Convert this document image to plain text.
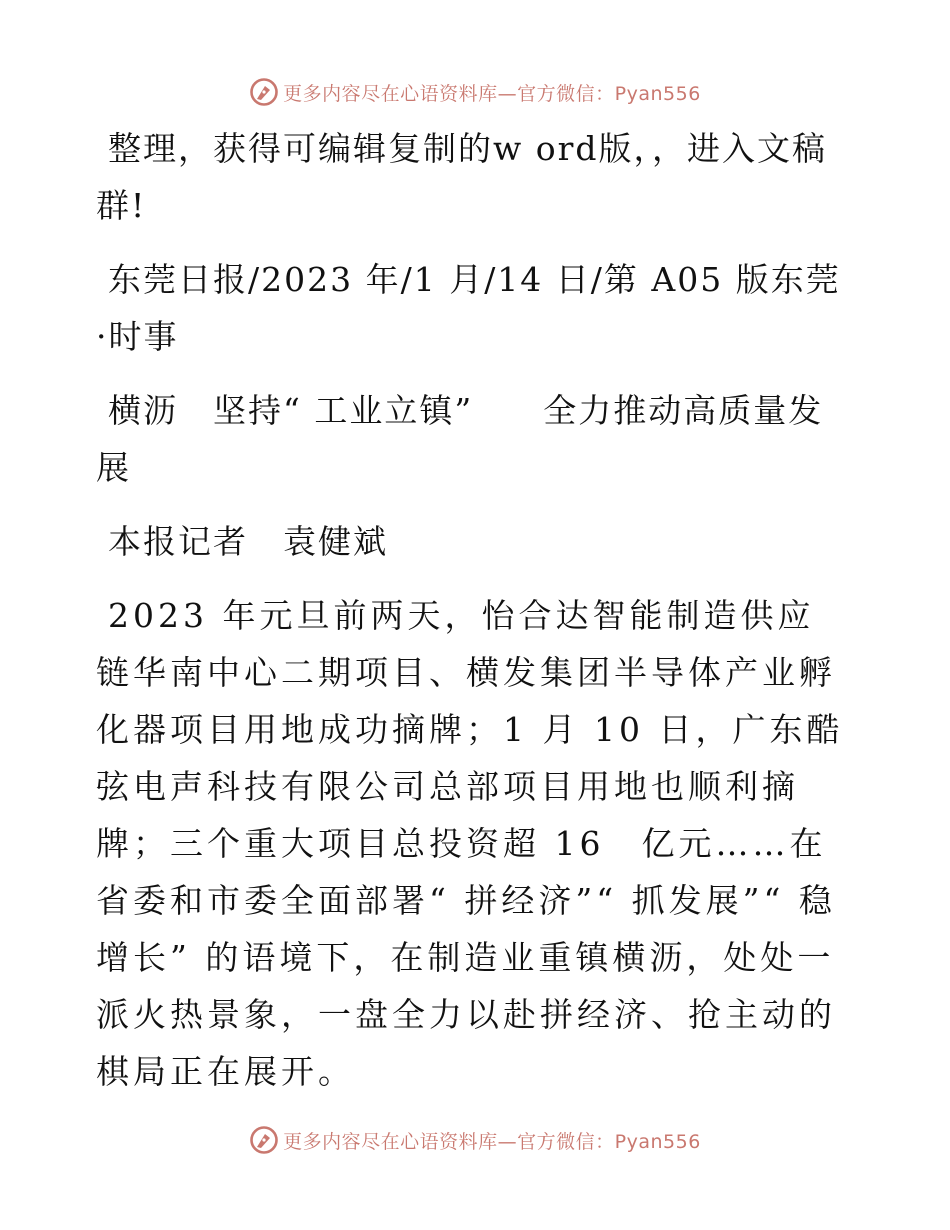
更多内容尽在心语资料库—官方微信：Pyan556

整理，获得可编辑复制的w ord版，，进入文稿群!

东莞日报/2023 年/1 月/14 日/第 A05 版东莞·时事

横沥　坚持“ 工业立镇”　　全力推动高质量发展

本报记者　袁健斌

2023 年元旦前两天，怡合达智能制造供应链华南中心二期项目、横发集团半导体产业孵化器项目用地成功摘牌；1 月 10 日，广东酷弦电声科技有限公司总部项目用地也顺利摘牌；三个重大项目总投资超 16　亿元……在省委和市委全面部署“ 拼经济”“ 抓发展”“ 稳增长” 的语境下，在制造业重镇横沥，处处一派火热景象，一盘全力以赴拼经济、抢主动的棋局正在展开。

更多内容尽在心语资料库—官方微信：Pyan556
